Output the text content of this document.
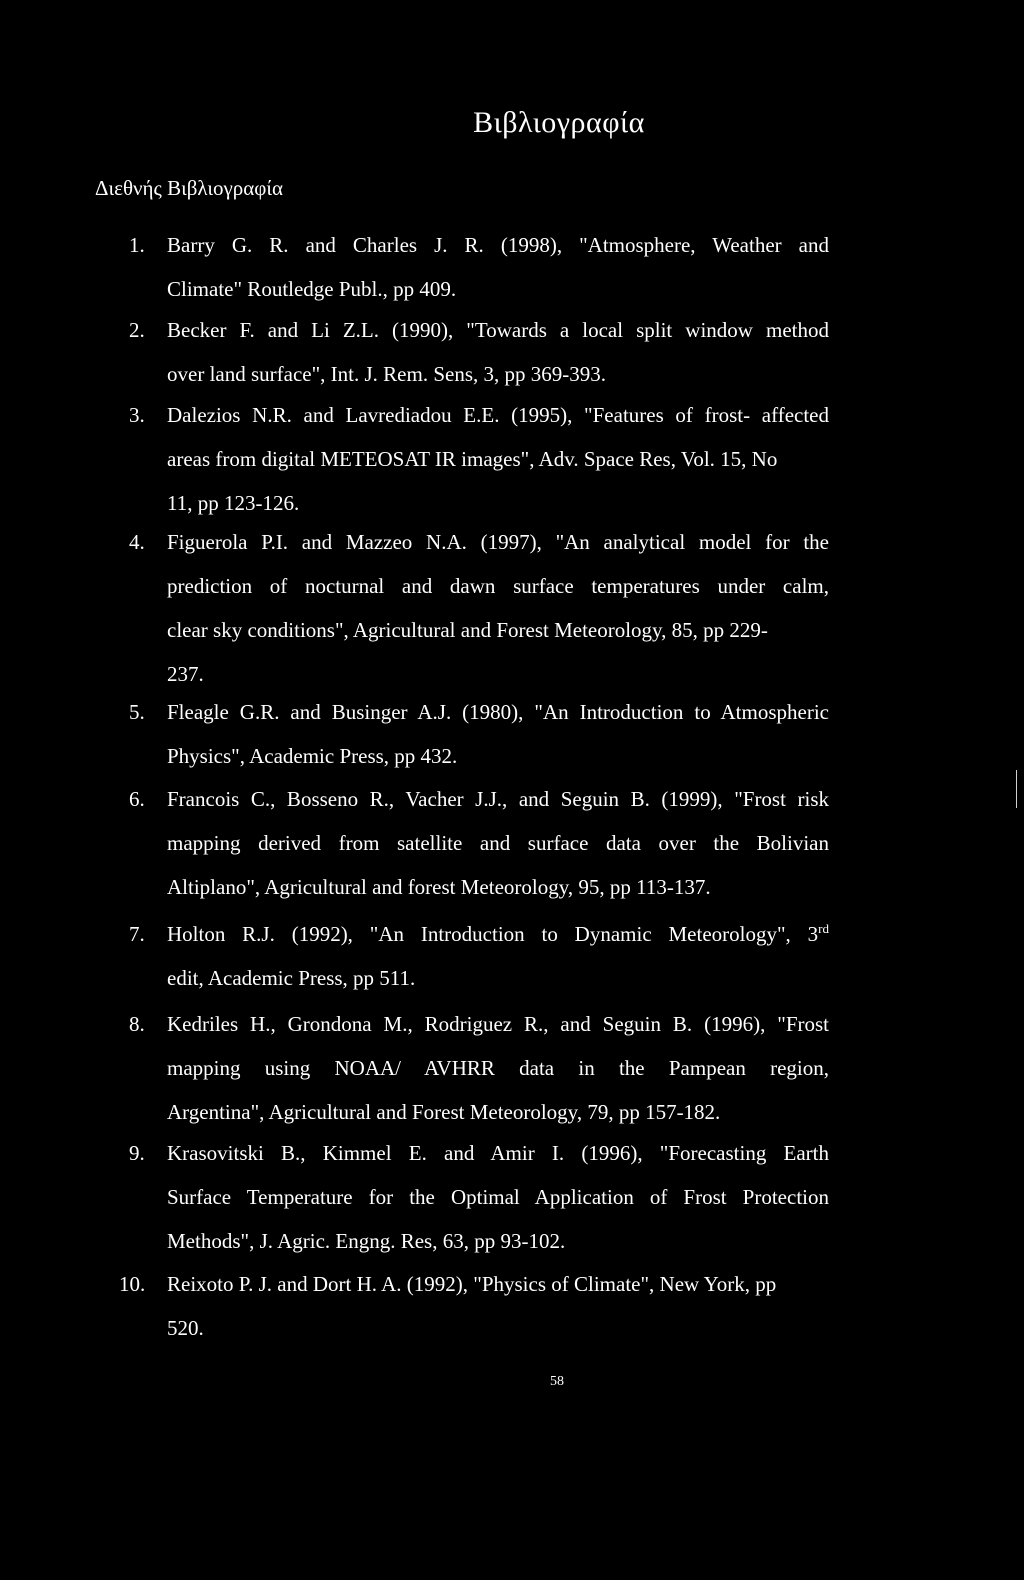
Βιβλιογραφία
Διεθνής Βιβλιογραφία
1.	Barry G. R. and Charles J. R. (1998), "Atmosphere, Weather and
Climate" Routledge Publ., pp 409.
2.	Becker F. and Li Z.L. (1990), "Towards a local split window method
over land surface", Int. J. Rem. Sens, 3, pp 369-393.
3.	Dalezios N.R. and Lavrediadou E.E. (1995), "Features of frost- affected
areas from digital METEOSAT IR images", Adv. Space Res, Vol. 15, No
11, pp 123-126.
4.	Figuerola P.I. and Mazzeo N.A. (1997), "An analytical model for the
prediction of nocturnal and dawn surface temperatures under calm,
clear sky conditions", Agricultural and Forest Meteorology, 85, pp 229-
237.
5.	Fleagle G.R. and Businger A.J. (1980), "An Introduction to Atmospheric
Physics", Academic Press, pp 432.
6.	Francois C., Bosseno R., Vacher J.J., and Seguin B. (1999), "Frost risk
mapping derived from satellite and surface data over the Bolivian
Altiplano", Agricultural and forest Meteorology, 95, pp 113-137.
7.	Holton R.J. (1992), "An Introduction to Dynamic Meteorology", 3rd
edit, Academic Press, pp 511.
8.	Kedriles H., Grondona M., Rodriguez R., and Seguin B. (1996), "Frost
mapping using NOAA/ AVHRR data in the Pampean region,
Argentina", Agricultural and Forest Meteorology, 79, pp 157-182.
9.	Krasovitski B., Kimmel E. and Amir I. (1996), "Forecasting Earth
Surface Temperature for the Optimal Application of Frost Protection
Methods", J. Agric. Engng. Res, 63, pp 93-102.
10.	Reixoto P. J. and Dort H. A. (1992), "Physics of Climate", New York, pp
520.
58
